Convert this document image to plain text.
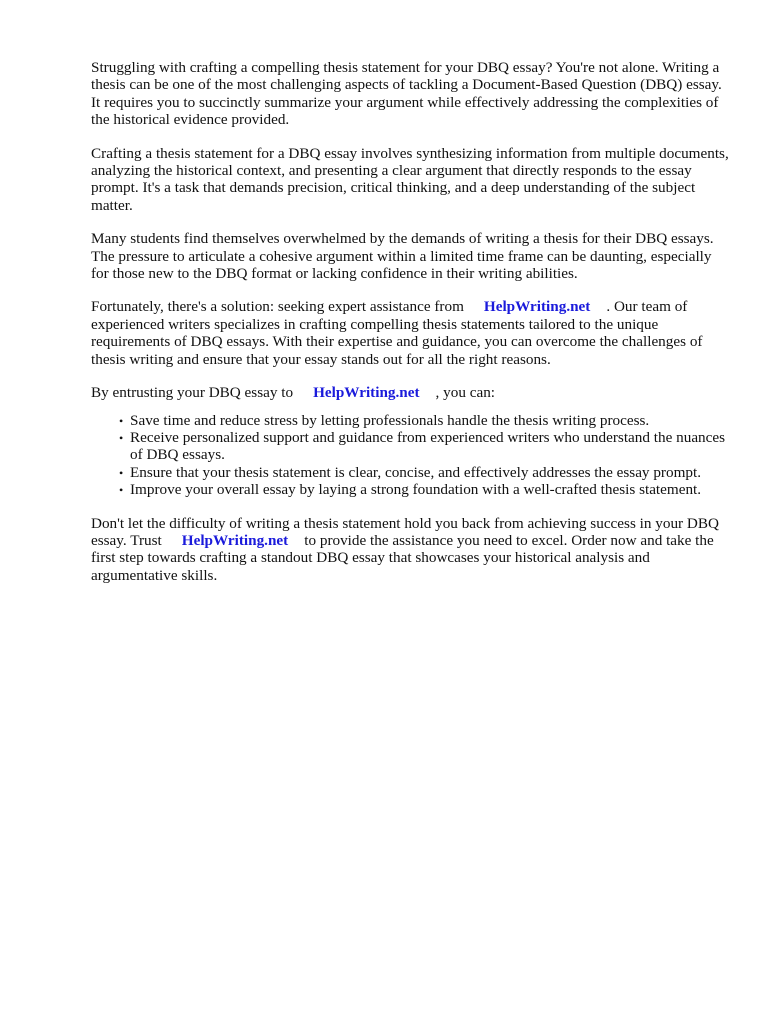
Struggling with crafting a compelling thesis statement for your DBQ essay? You're not alone. Writing a thesis can be one of the most challenging aspects of tackling a Document-Based Question (DBQ) essay. It requires you to succinctly summarize your argument while effectively addressing the complexities of the historical evidence provided.

Crafting a thesis statement for a DBQ essay involves synthesizing information from multiple documents, analyzing the historical context, and presenting a clear argument that directly responds to the essay prompt. It's a task that demands precision, critical thinking, and a deep understanding of the subject matter.

Many students find themselves overwhelmed by the demands of writing a thesis for their DBQ essays. The pressure to articulate a cohesive argument within a limited time frame can be daunting, especially for those new to the DBQ format or lacking confidence in their writing abilities.

Fortunately, there's a solution: seeking expert assistance from HelpWriting.net . Our team of experienced writers specializes in crafting compelling thesis statements tailored to the unique requirements of DBQ essays. With their expertise and guidance, you can overcome the challenges of thesis writing and ensure that your essay stands out for all the right reasons.

By entrusting your DBQ essay to HelpWriting.net , you can:

• Save time and reduce stress by letting professionals handle the thesis writing process.
• Receive personalized support and guidance from experienced writers who understand the nuances of DBQ essays.
• Ensure that your thesis statement is clear, concise, and effectively addresses the essay prompt.
• Improve your overall essay by laying a strong foundation with a well-crafted thesis statement.

Don't let the difficulty of writing a thesis statement hold you back from achieving success in your DBQ essay. Trust HelpWriting.net to provide the assistance you need to excel. Order now and take the first step towards crafting a standout DBQ essay that showcases your historical analysis and argumentative skills.
